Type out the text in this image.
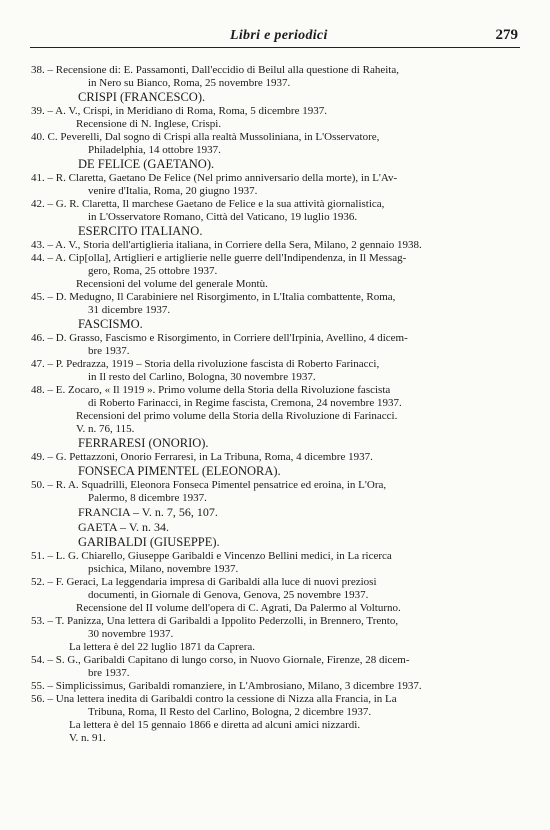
Libri e periodici	279
38. – Recensione di: E. Passamonti, Dall'eccidio di Beilul alla questione di Raheita,
in Nero su Bianco, Roma, 25 novembre 1937.
CRISPI (FRANCESCO).
39. – A. V., Crispi, in Meridiano di Roma, Roma, 5 dicembre 1937.
Recensione di N. Inglese, Crispi.
40. C. Peverelli, Dal sogno di Crispi alla realtà Mussoliniana, in L'Osservatore,
Philadelphia, 14 ottobre 1937.
DE FELICE (GAETANO).
41. – R. Claretta, Gaetano De Felice (Nel primo anniversario della morte), in L'Av-
venire d'Italia, Roma, 20 giugno 1937.
42. – G. R. Claretta, Il marchese Gaetano de Felice e la sua attività giornalistica,
in L'Osservatore Romano, Città del Vaticano, 19 luglio 1936.
ESERCITO ITALIANO.
43. – A. V., Storia dell'artiglieria italiana, in Corriere della Sera, Milano, 2 gennaio 1938.
44. – A. Cip[olla], Artiglieri e artiglierie nelle guerre dell'Indipendenza, in Il Messag-
gero, Roma, 25 ottobre 1937.
Recensioni del volume del generale Montù.
45. – D. Medugno, Il Carabiniere nel Risorgimento, in L'Italia combattente, Roma,
31 dicembre 1937.
FASCISMO.
46. – D. Grasso, Fascismo e Risorgimento, in Corriere dell'Irpinia, Avellino, 4 dicem-
bre 1937.
47. – P. Pedrazza, 1919 – Storia della rivoluzione fascista di Roberto Farinacci,
in Il resto del Carlino, Bologna, 30 novembre 1937.
48. – E. Zocaro, « Il 1919 ». Primo volume della Storia della Rivoluzione fascista
di Roberto Farinacci, in Regime fascista, Cremona, 24 novembre 1937.
Recensioni del primo volume della Storia della Rivoluzione di Farinacci.
V. n. 76, 115.
FERRARESI (ONORIO).
49. – G. Pettazzoni, Onorio Ferraresi, in La Tribuna, Roma, 4 dicembre 1937.
FONSECA PIMENTEL (ELEONORA).
50. – R. A. Squadrilli, Eleonora Fonseca Pimentel pensatrice ed eroina, in L'Ora,
Palermo, 8 dicembre 1937.
FRANCIA – V. n. 7, 56, 107.
GAETA – V. n. 34.
GARIBALDI (GIUSEPPE).
51. – L. G. Chiarello, Giuseppe Garibaldi e Vincenzo Bellini medici, in La ricerca
psichica, Milano, novembre 1937.
52. – F. Geraci, La leggendaria impresa di Garibaldi alla luce di nuovi preziosi
documenti, in Giornale di Genova, Genova, 25 novembre 1937.
Recensione del II volume dell'opera di C. Agrati, Da Palermo al Volturno.
53. – T. Panizza, Una lettera di Garibaldi a Ippolito Pederzolli, in Brennero, Trento,
30 novembre 1937.
La lettera è del 22 luglio 1871 da Caprera.
54. – S. G., Garibaldi Capitano di lungo corso, in Nuovo Giornale, Firenze, 28 dicem-
bre 1937.
55. – Simplicissimus, Garibaldi romanziere, in L'Ambrosiano, Milano, 3 dicembre 1937.
56. – Una lettera inedita di Garibaldi contro la cessione di Nizza alla Francia, in La
Tribuna, Roma, Il Resto del Carlino, Bologna, 2 dicembre 1937.
La lettera è del 15 gennaio 1866 e diretta ad alcuni amici nizzardi.
V. n. 91.
